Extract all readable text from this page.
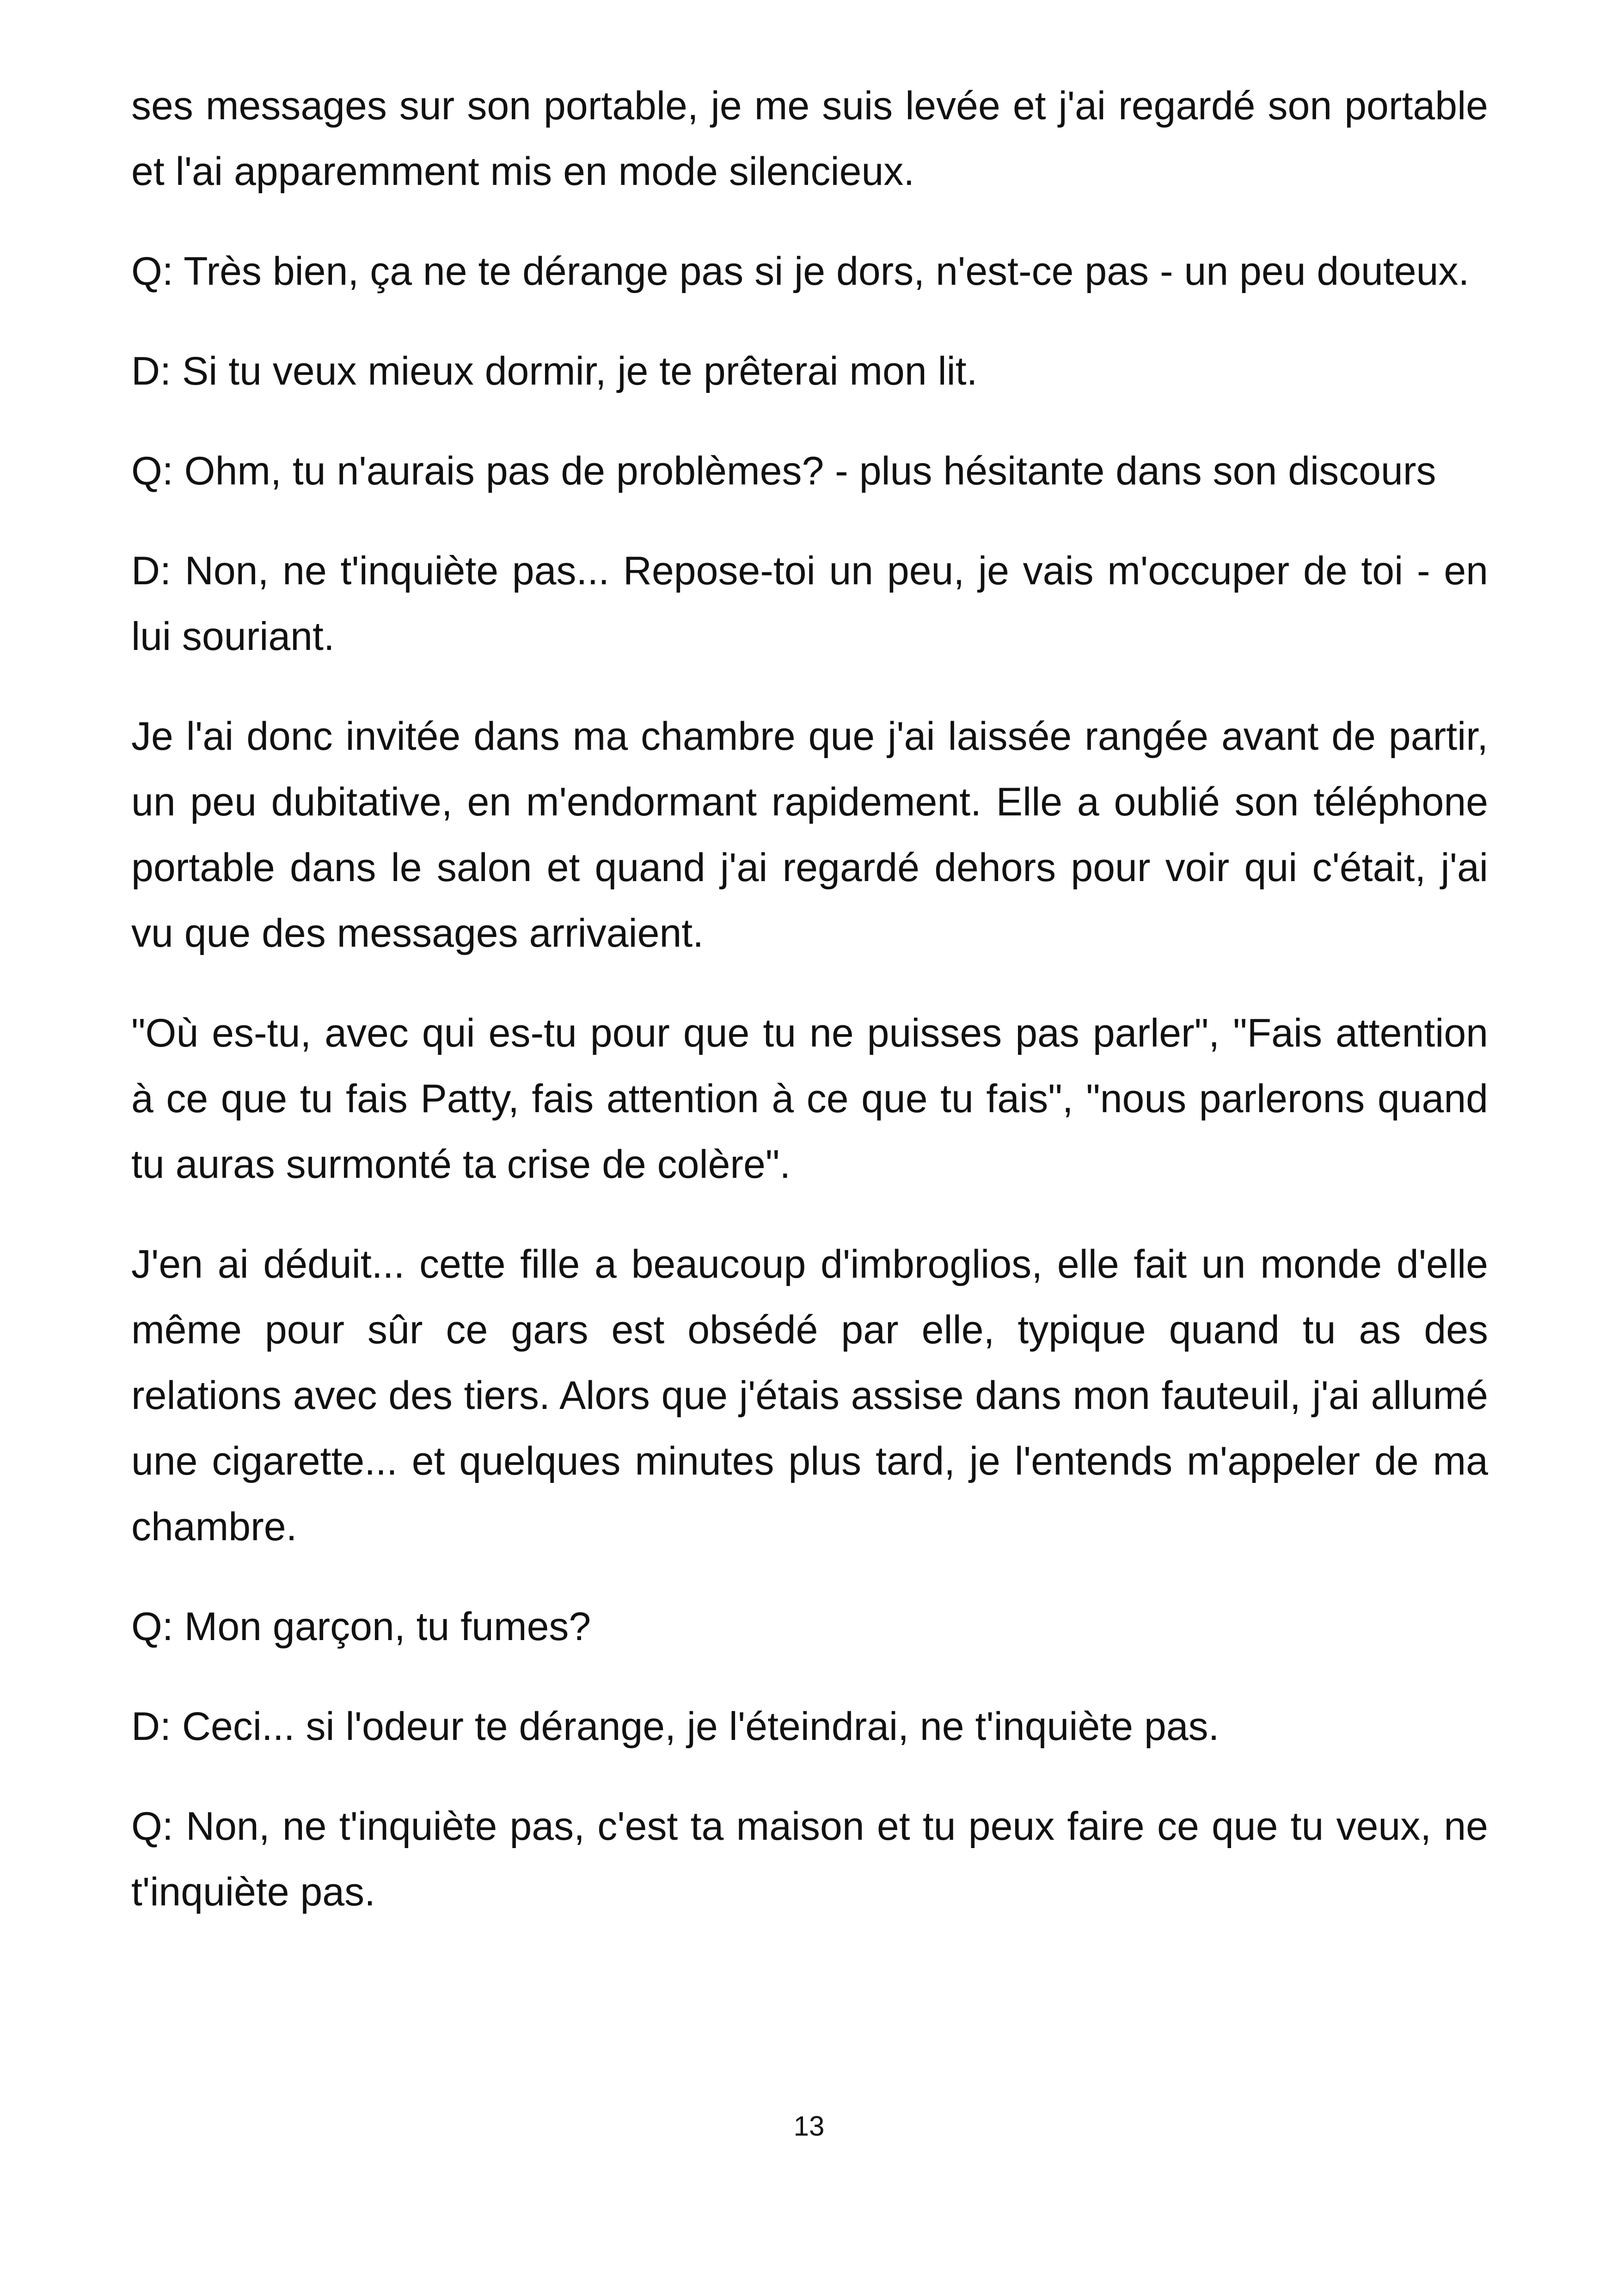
ses messages sur son portable, je me suis levée et j'ai regardé son portable et l'ai apparemment mis en mode silencieux.

Q: Très bien, ça ne te dérange pas si je dors, n'est-ce pas - un peu douteux.

D: Si tu veux mieux dormir, je te prêterai mon lit.

Q: Ohm, tu n'aurais pas de problèmes? - plus hésitante dans son discours

D: Non, ne t'inquiète pas... Repose-toi un peu, je vais m'occuper de toi - en lui souriant.

Je l'ai donc invitée dans ma chambre que j'ai laissée rangée avant de partir, un peu dubitative, en m'endormant rapidement. Elle a oublié son téléphone portable dans le salon et quand j'ai regardé dehors pour voir qui c'était, j'ai vu que des messages arrivaient.

"Où es-tu, avec qui es-tu pour que tu ne puisses pas parler", "Fais attention à ce que tu fais Patty, fais attention à ce que tu fais", "nous parlerons quand tu auras surmonté ta crise de colère".

J'en ai déduit... cette fille a beaucoup d'imbroglios, elle fait un monde d'elle même pour sûr ce gars est obsédé par elle, typique quand tu as des relations avec des tiers. Alors que j'étais assise dans mon fauteuil, j'ai allumé une cigarette... et quelques minutes plus tard, je l'entends m'appeler de ma chambre.

Q: Mon garçon, tu fumes?

D: Ceci... si l'odeur te dérange, je l'éteindrai, ne t'inquiète pas.

Q: Non, ne t'inquiète pas, c'est ta maison et tu peux faire ce que tu veux, ne t'inquiète pas.

13
